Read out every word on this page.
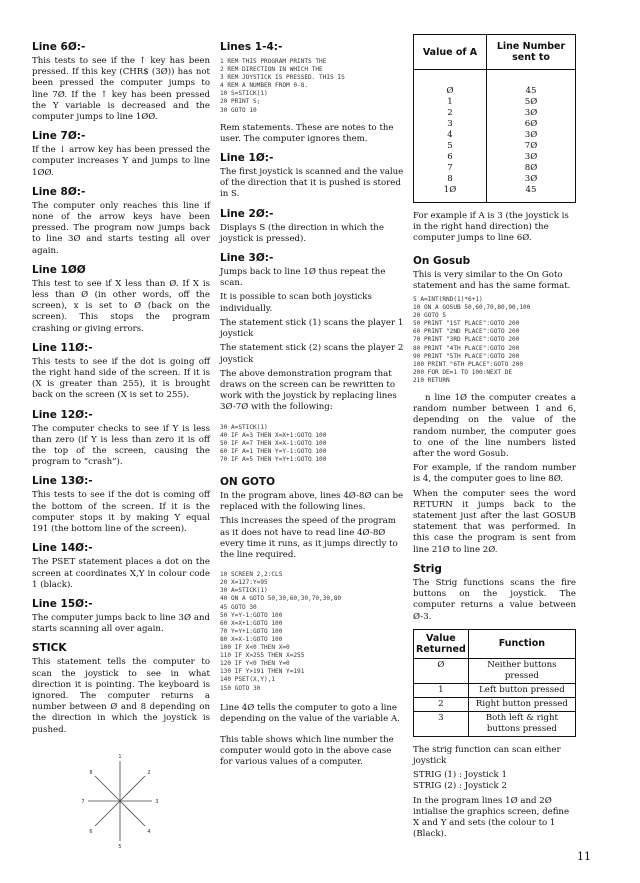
Line 6Ø:-

This tests to see if the ↑ key has been pressed. If this key (CHR$ (3Ø)) has not been pressed the computer jumps to line 7Ø. If the ↑ key has been pressed the Y variable is decreased and the computer jumps to line 1ØØ.

Line 7Ø:-

If the ↓ arrow key has been pressed the computer increases Y and jumps to line 1ØØ.

Line 8Ø:-

The computer only reaches this line if none of the arrow keys have been pressed. The program now jumps back to line 3Ø and starts testing all over again.

Line 1ØØ

This test to see if X less than Ø. If X is less than Ø (in other words, off the screen), x is set to Ø (back on the screen). This stops the program crashing or giving errors.

Line 11Ø:-

This tests to see if the dot is going off the right hand side of the screen. If it is (X is greater than 255), it is brought back on the screen (X is set to 255).

Line 12Ø:-

The computer checks to see if Y is less than zero (if Y is less than zero it is off the top of the screen, causing the program to “crash”).

Line 13Ø:-

This tests to see if the dot is coming off the bottom of the screen. If it is the computer stops it by making Y equal 191 (the bottom line of the screen).

Line 14Ø:-

The PSET statement places a dot on the screen at coordinates X,Y in colour code 1 (black).

Line 15Ø:-

The computer jumps back to line 3Ø and starts scanning all over again.

STICK

This statement tells the computer to scan the joystick to see in what direction it is pointing. The keyboard is ignored. The computer returns a number between Ø and 8 depending on the direction in which the joystick is pushed.

1
2
3
4
5
6
7
8
Lines 1-4:-
1 REM THIS PROGRAM PRINTS THE
2 REM DIRECTION IN WHICH THE
3 REM JOYSTICK IS PRESSED. THIS IS
4 REM A NUMBER FROM 0-8.
10 S=STICK(1)
20 PRINT S;
30 GOTO 10

Rem statements. These are notes to the user. The computer ignores them.

Line 1Ø:-

The first joystick is scanned and the value of the direction that it is pushed is stored in S.

Line 2Ø:-

Displays S (the direction in which the joystick is pressed).

Line 3Ø:-

Jumps back to line 1Ø thus repeat the scan.

It is possible to scan both joysticks individually.

The statement stick (1) scans the player 1 joystick

The statement stick (2) scans the player 2 joystick

The above demonstration program that draws on the screen can be rewritten to work with the joystick by replacing lines 3Ø-7Ø with the following:

30 A=STICK(1)
40 IF A=3 THEN X=X+1:GOTO 100
50 IF A=7 THEN X=X-1:GOTO 100
60 IF A=1 THEN Y=Y-1:GOTO 100
70 IF A=5 THEN Y=Y+1:GOTO 100
ON GOTO

In the program above, lines 4Ø-8Ø can be replaced with the following lines.

This increases the speed of the program as it does not have to read line 4Ø-8Ø every time it runs, as it jumps directly to the line required.

10 SCREEN 2,2:CLS
20 X=127:Y=95
30 A=STICK(1)
40 ON A GOTO 50,30,60,30,70,30,80
45 GOTO 30
50 Y=Y-1:GOTO 100
60 X=X+1:GOTO 100
70 Y=Y+1:GOTO 100
80 X=X-1:GOTO 100
100 IF X<0 THEN X=0
110 IF X>255 THEN X=255
120 IF Y<0 THEN Y=0
130 IF Y>191 THEN Y=191
140 PSET(X,Y),1
150 GOTO 30

Line 4Ø tells the computer to goto a line depending on the value of the variable A.

This table shows which line number the computer would goto in the above case for various values of a computer.

Value of A	Line Number sent to
Ø	45
1	5Ø
2	3Ø
3	6Ø
4	3Ø
5	7Ø
6	3Ø
7	8Ø
8	3Ø
1Ø	45

For example if A is 3 (the joystick is in the right hand direction) the computer jumps to line 6Ø.

On Gosub

This is very similar to the On Goto statement and has the same format.

5 A=INT(RND(1)*6+1)
10 ON A GOSUB 50,60,70,80,90,100
20 GOTO 5
50 PRINT "1ST PLACE":GOTO 200
60 PRINT "2ND PLACE":GOTO 200
70 PRINT "3RD PLACE":GOTO 200
80 PRINT "4TH PLACE":GOTO 200
90 PRINT "5TH PLACE":GOTO 200
100 PRINT "6TH PLACE":GOTO 200
200 FOR DE=1 TO 100:NEXT DE
210 RETURN

n line 1Ø the computer creates a random number between 1 and 6, depending on the value of the random number, the computer goes to one of the line numbers listed after the word Gosub.

For example, if the random number is 4, the computer goes to line 8Ø.

When the computer sees the word RETURN it jumps back to the statement just after the last GOSUB statement that was performed. In this case the program is sent from line 21Ø to line 2Ø.

Strig

The Strig functions scans the fire buttons on the joystick. The computer returns a value between Ø-3.

Value Returned	Function
Ø	Neither buttons pressed
1	Left button pressed
2	Right button pressed
3	Both left & right buttons pressed

The strig function can scan either joystick

STRIG (1) : Joystick 1

STRIG (2) : Joystick 2

In the program lines 1Ø and 2Ø intialise the graphics screen, define X and Y and sets (the colour to 1 (Black).

11
